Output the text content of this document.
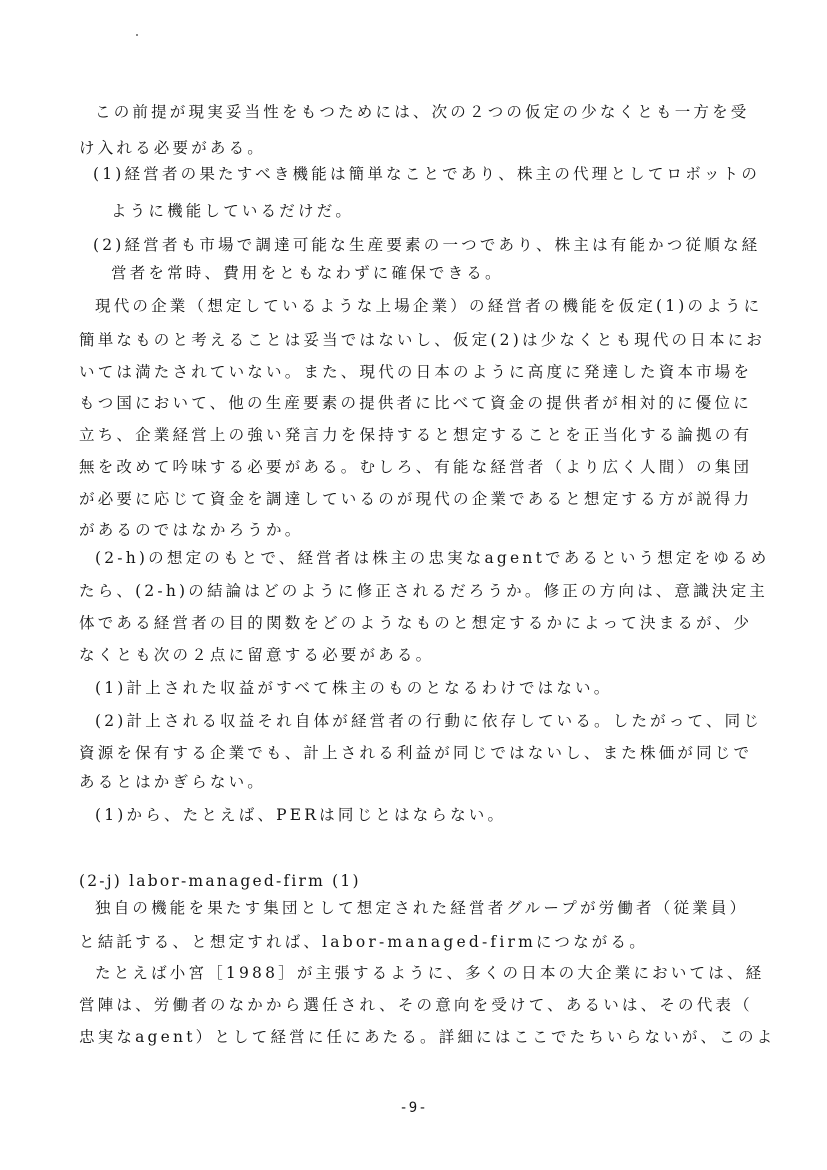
この前提が現実妥当性をもつためには、次の２つの仮定の少なくとも一方を受
け入れる必要がある。
(1)経営者の果たすべき機能は簡単なことであり、株主の代理としてロボットの
ように機能しているだけだ。
(2)経営者も市場で調達可能な生産要素の一つであり、株主は有能かつ従順な経
営者を常時、費用をともなわずに確保できる。
現代の企業（想定しているような上場企業）の経営者の機能を仮定(1)のように
簡単なものと考えることは妥当ではないし、仮定(2)は少なくとも現代の日本にお
いては満たされていない。また、現代の日本のように高度に発達した資本市場を
もつ国において、他の生産要素の提供者に比べて資金の提供者が相対的に優位に
立ち、企業経営上の強い発言力を保持すると想定することを正当化する論拠の有
無を改めて吟味する必要がある。むしろ、有能な経営者（より広く人間）の集団
が必要に応じて資金を調達しているのが現代の企業であると想定する方が説得力
があるのではなかろうか。
(2-h)の想定のもとで、経営者は株主の忠実なagentであるという想定をゆるめ
たら、(2-h)の結論はどのように修正されるだろうか。修正の方向は、意識決定主
体である経営者の目的関数をどのようなものと想定するかによって決まるが、少
なくとも次の２点に留意する必要がある。
(1)計上された収益がすべて株主のものとなるわけではない。
(2)計上される収益それ自体が経営者の行動に依存している。したがって、同じ
資源を保有する企業でも、計上される利益が同じではないし、また株価が同じで
あるとはかぎらない。
(1)から、たとえば、PERは同じとはならない。
(2-j) labor-managed-firm (1)
独自の機能を果たす集団として想定された経営者グループが労働者（従業員）
と結託する、と想定すれば、labor-managed-firmにつながる。
たとえば小宮［1988］が主張するように、多くの日本の大企業においては、経
営陣は、労働者のなかから選任され、その意向を受けて、あるいは、その代表（
忠実なagent）として経営に任にあたる。詳細にはここでたちいらないが、このよ
-9-
